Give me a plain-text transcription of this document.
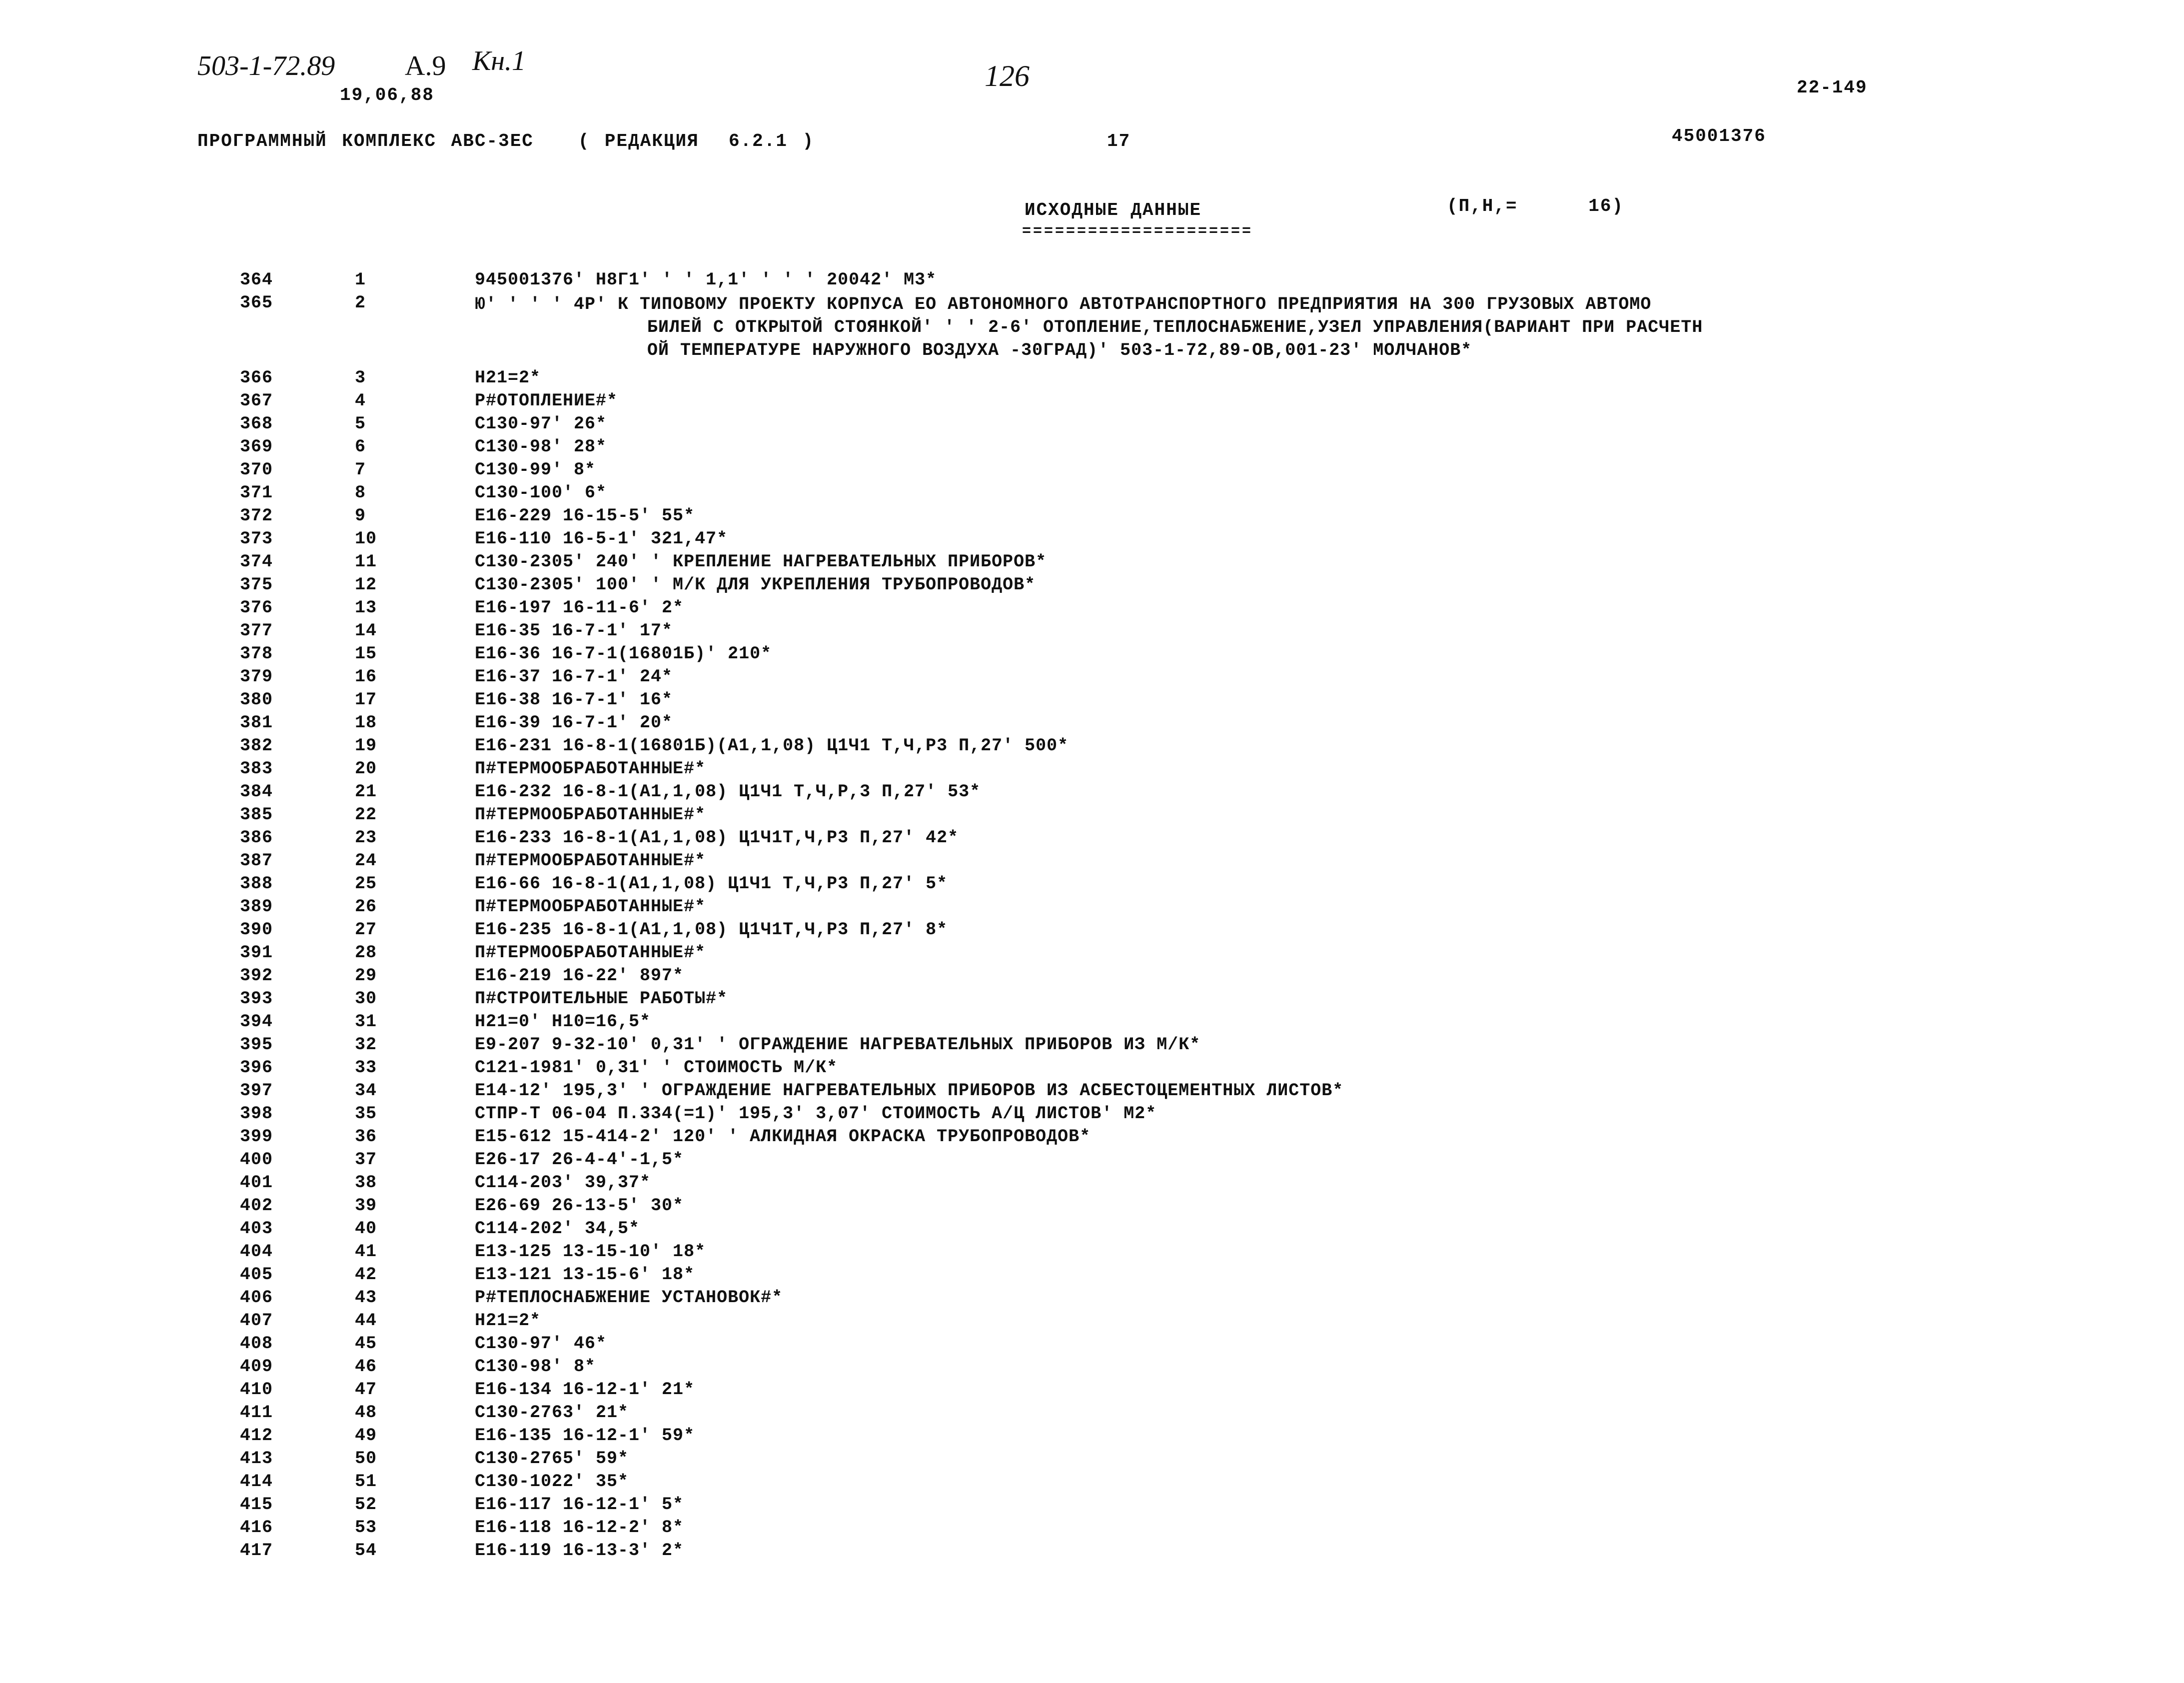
503-1-72.89 А.9 Кн.1	126
19,06,88	22-149
ПРОГРАММНЫЙ КОМПЛЕКС АВС-3ЕС   ( РЕДАКЦИЯ  6.2.1 )	17	45001376
ИСХОДНЫЕ ДАННЫЕ	(П,Н,=      16)
=====================
364	1	945001376' Н8Г1' ' ' 1,1' ' ' ' 20042' М3*
365	2	Ю' ' ' ' 4Р' К ТИПОВОМУ ПРОЕКТУ КОРПУСА ЕО АВТОНОМНОГО АВТОТРАНСПОРТНОГО ПРЕДПРИЯТИЯ НА 300 ГРУЗОВЫХ АВТОМО
БИЛЕЙ С ОТКРЫТОЙ СТОЯНКОЙ' ' ' 2-6' ОТОПЛЕНИЕ,ТЕПЛОСНАБЖЕНИЕ,УЗЕЛ УПРАВЛЕНИЯ(ВАРИАНТ ПРИ РАСЧЕТН
ОЙ ТЕМПЕРАТУРЕ НАРУЖНОГО ВОЗДУХА -30ГРАД)' 503-1-72,89-ОВ,001-23' МОЛЧАНОВ*
366	3	Н21=2*
367	4	Р#ОТОПЛЕНИЕ#*
368	5	С130-97' 26*
369	6	С130-98' 28*
370	7	С130-99' 8*
371	8	С130-100' 6*
372	9	Е16-229 16-15-5' 55*
373	10	Е16-110 16-5-1' 321,47*
374	11	С130-2305' 240' ' КРЕПЛЕНИЕ НАГРЕВАТЕЛЬНЫХ ПРИБОРОВ*
375	12	С130-2305' 100' ' М/К ДЛЯ УКРЕПЛЕНИЯ ТРУБОПРОВОДОВ*
376	13	Е16-197 16-11-6' 2*
377	14	Е16-35 16-7-1' 17*
378	15	Е16-36 16-7-1(16801Б)' 210*
379	16	Е16-37 16-7-1' 24*
380	17	Е16-38 16-7-1' 16*
381	18	Е16-39 16-7-1' 20*
382	19	Е16-231 16-8-1(16801Б)(А1,1,08) Ц1Ч1 Т,Ч,Р3 П,27' 500*
383	20	П#ТЕРМООБРАБОТАННЫЕ#*
384	21	Е16-232 16-8-1(А1,1,08) Ц1Ч1 Т,Ч,Р,3 П,27' 53*
385	22	П#ТЕРМООБРАБОТАННЫЕ#*
386	23	Е16-233 16-8-1(А1,1,08) Ц1Ч1Т,Ч,Р3 П,27' 42*
387	24	П#ТЕРМООБРАБОТАННЫЕ#*
388	25	Е16-66 16-8-1(А1,1,08) Ц1Ч1 Т,Ч,Р3 П,27' 5*
389	26	П#ТЕРМООБРАБОТАННЫЕ#*
390	27	Е16-235 16-8-1(А1,1,08) Ц1Ч1Т,Ч,Р3 П,27' 8*
391	28	П#ТЕРМООБРАБОТАННЫЕ#*
392	29	Е16-219 16-22' 897*
393	30	П#СТРОИТЕЛЬНЫЕ РАБОТЫ#*
394	31	Н21=0' Н10=16,5*
395	32	Е9-207 9-32-10' 0,31' ' ОГРАЖДЕНИЕ НАГРЕВАТЕЛЬНЫХ ПРИБОРОВ ИЗ М/К*
396	33	С121-1981' 0,31' ' СТОИМОСТЬ М/К*
397	34	Е14-12' 195,3' ' ОГРАЖДЕНИЕ НАГРЕВАТЕЛЬНЫХ ПРИБОРОВ ИЗ АСБЕСТОЦЕМЕНТНЫХ ЛИСТОВ*
398	35	СТПР-Т 06-04 П.334(=1)' 195,3' 3,07' СТОИМОСТЬ А/Ц ЛИСТОВ' М2*
399	36	Е15-612 15-414-2' 120' ' АЛКИДНАЯ ОКРАСКА ТРУБОПРОВОДОВ*
400	37	Е26-17 26-4-4'-1,5*
401	38	С114-203' 39,37*
402	39	Е26-69 26-13-5' 30*
403	40	С114-202' 34,5*
404	41	Е13-125 13-15-10' 18*
405	42	Е13-121 13-15-6' 18*
406	43	Р#ТЕПЛОСНАБЖЕНИЕ УСТАНОВОК#*
407	44	Н21=2*
408	45	С130-97' 46*
409	46	С130-98' 8*
410	47	Е16-134 16-12-1' 21*
411	48	С130-2763' 21*
412	49	Е16-135 16-12-1' 59*
413	50	С130-2765' 59*
414	51	С130-1022' 35*
415	52	Е16-117 16-12-1' 5*
416	53	Е16-118 16-12-2' 8*
417	54	Е16-119 16-13-3' 2*
